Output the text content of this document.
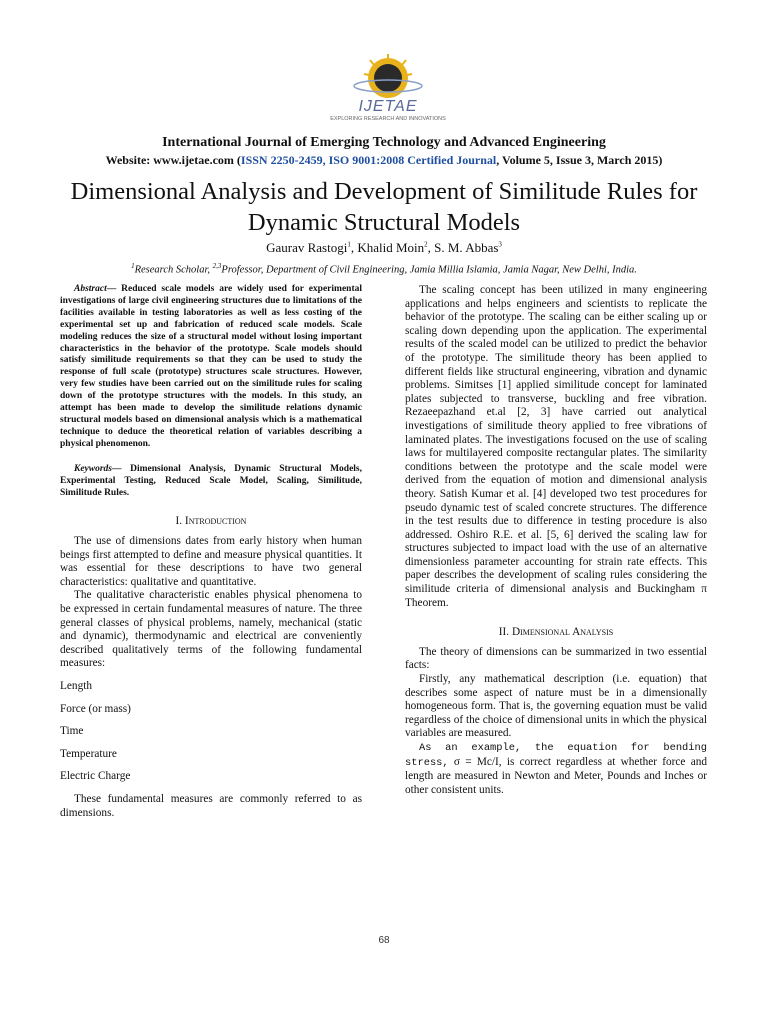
IJETAE
EXPLORING RESEARCH AND INNOVATIONS
International Journal of Emerging Technology and Advanced Engineering
Website: www.ijetae.com (ISSN 2250-2459, ISO 9001:2008 Certified Journal, Volume 5, Issue 3, March 2015)
Dimensional Analysis and Development of Similitude Rules for
Dynamic Structural Models
Gaurav Rastogi$^1$, Khalid Moin$^2$, S. M. Abbas$^3$
$^1$Research Scholar, $^{2,3}$Professor, Department of Civil Engineering, Jamia Millia Islamia, Jamia Nagar, New Delhi, India.

Abstract— Reduced scale models are widely used for experimental investigations of large civil engineering structures due to limitations of the facilities available in testing laboratories as well as less costing of the experimental set up and fabrication of reduced scale models. Scale modeling reduces the size of a structural model without losing important characteristics in the behavior of the prototype. Scale models should satisfy similitude requirements so that they can be used to study the response of full scale (prototype) structures scale structures. However, very few studies have been carried out on the similitude rules for scaling down of the prototype structures with the models. In this study, an attempt has been made to develop the similitude relations dynamic structural models based on dimensional analysis which is a mathematical technique to deduce the theoretical relation of variables describing a physical phenomenon.

Keywords— Dimensional Analysis, Dynamic Structural Models, Experimental Testing, Reduced Scale Model, Scaling, Similitude, Similitude Rules.

I. Introduction

The use of dimensions dates from early history when human beings first attempted to define and measure physical quantities. It was essential for these descriptions to have two general characteristics: qualitative and quantitative.

The qualitative characteristic enables physical phenomena to be expressed in certain fundamental measures of nature. The three general classes of physical problems, namely, mechanical (static and dynamic), thermodynamic and electrical are conveniently described qualitatively terms of the following fundamental measures:

Length
Force (or mass)
Time
Temperature
Electric Charge

These fundamental measures are commonly referred to as dimensions.

The scaling concept has been utilized in many engineering applications and helps engineers and scientists to replicate the behavior of the prototype. The scaling can be either scaling up or scaling down depending upon the application. The experimental results of the scaled model can be utilized to predict the behavior of the prototype. The similitude theory has been applied to different fields like structural engineering, vibration and dynamic problems. Simitses [1] applied similitude concept for laminated plates subjected to transverse, buckling and free vibration. Rezaeepazhand et.al [2, 3] have carried out analytical investigations of similitude theory applied to free vibrations of laminated plates. The investigations focused on the use of scaling laws for multilayered composite rectangular plates. The similarity conditions between the prototype and the scale model were derived from the equation of motion and dimensional analysis theory. Satish Kumar et al. [4] developed two test procedures for pseudo dynamic test of scaled concrete structures. The difference in the test results due to difference in testing procedure is also addressed. Oshiro R.E. et al. [5, 6] derived the scaling law for structures subjected to impact load with the use of an alternative dimensionless parameter accounting for strain rate effects. This paper describes the development of scaling rules considering the similitude criteria of dimensional analysis and Buckingham π Theorem.

II. Dimensional Analysis

The theory of dimensions can be summarized in two essential facts:

Firstly, any mathematical description (i.e. equation) that describes some aspect of nature must be in a dimensionally homogeneous form. That is, the governing equation must be valid regardless of the choice of dimensional units in which the physical variables are measured.

As an example, the equation for bending stress, σ = Mc/I, is correct regardless at whether force and length are measured in Newton and Meter, Pounds and Inches or other consistent units.

68
